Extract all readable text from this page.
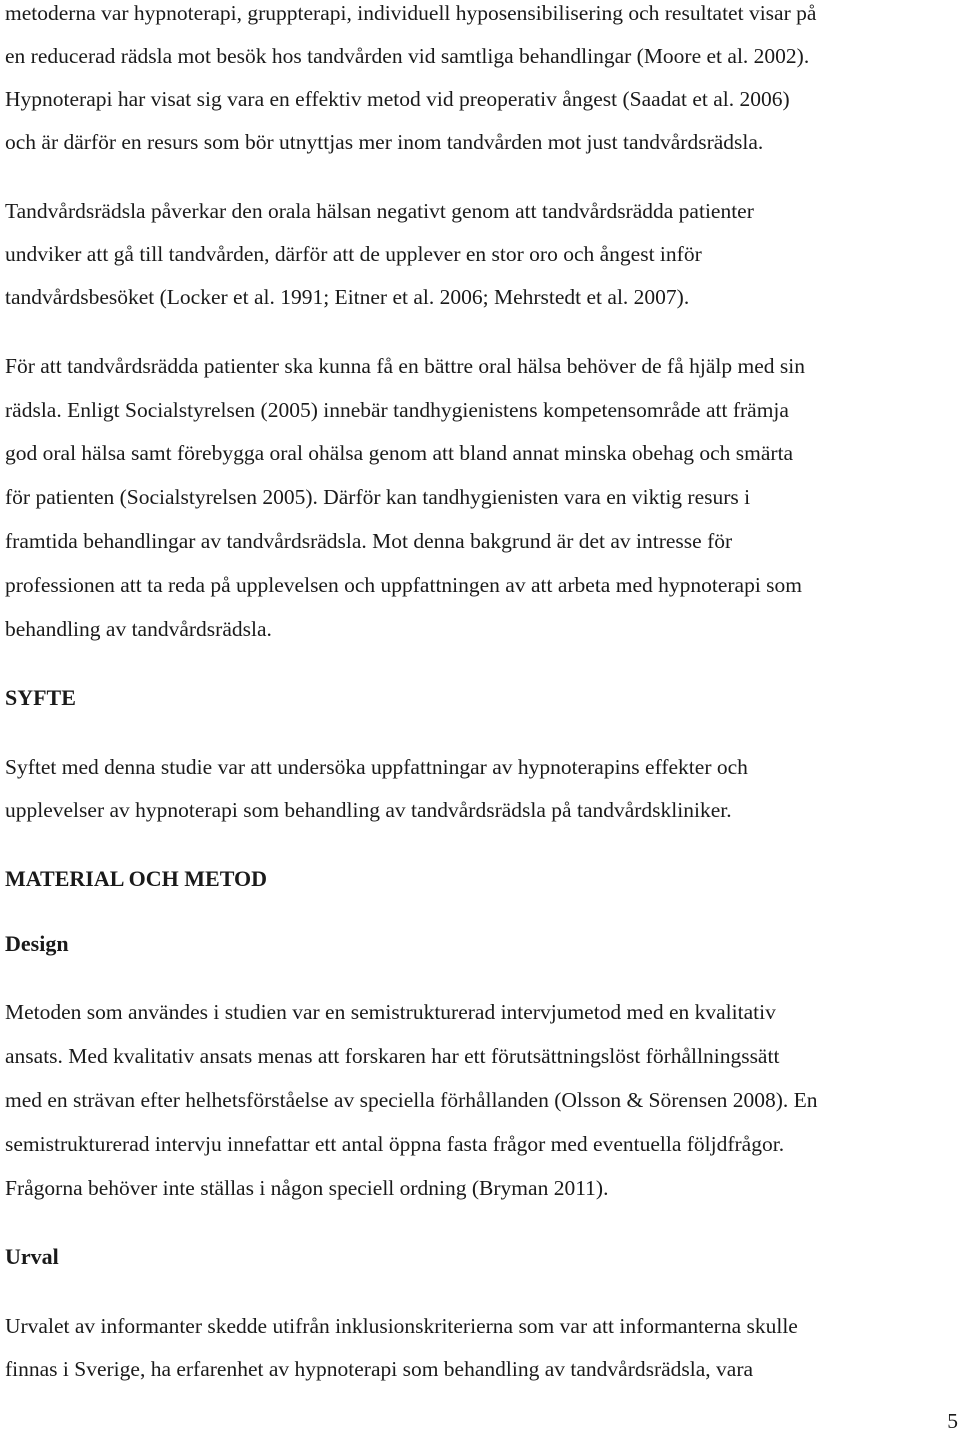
metoderna var hypnoterapi, gruppterapi, individuell hyposensibilisering och resultatet visar på
en reducerad rädsla mot besök hos tandvården vid samtliga behandlingar (Moore et al. 2002).
Hypnoterapi har visat sig vara en effektiv metod vid preoperativ ångest (Saadat et al. 2006)
och är därför en resurs som bör utnyttjas mer inom tandvården mot just tandvårdsrädsla.
Tandvårdsrädsla påverkar den orala hälsan negativt genom att tandvårdsrädda patienter
undviker att gå till tandvården, därför att de upplever en stor oro och ångest inför
tandvårdsbesöket (Locker et al. 1991; Eitner et al. 2006; Mehrstedt et al. 2007).
För att tandvårdsrädda patienter ska kunna få en bättre oral hälsa behöver de få hjälp med sin
rädsla. Enligt Socialstyrelsen (2005) innebär tandhygienistens kompetensområde att främja
god oral hälsa samt förebygga oral ohälsa genom att bland annat minska obehag och smärta
för patienten (Socialstyrelsen 2005). Därför kan tandhygienisten vara en viktig resurs i
framtida behandlingar av tandvårdsrädsla. Mot denna bakgrund är det av intresse för
professionen att ta reda på upplevelsen och uppfattningen av att arbeta med hypnoterapi som
behandling av tandvårdsrädsla.
SYFTE
Syftet med denna studie var att undersöka uppfattningar av hypnoterapins effekter och
upplevelser av hypnoterapi som behandling av tandvårdsrädsla på tandvårdskliniker.
MATERIAL OCH METOD
Design
Metoden som användes i studien var en semistrukturerad intervjumetod med en kvalitativ
ansats. Med kvalitativ ansats menas att forskaren har ett förutsättningslöst förhållningssätt
med en strävan efter helhetsförståelse av speciella förhållanden (Olsson & Sörensen 2008). En
semistrukturerad intervju innefattar ett antal öppna fasta frågor med eventuella följdfrågor.
Frågorna behöver inte ställas i någon speciell ordning (Bryman 2011).
Urval
Urvalet av informanter skedde utifrån inklusionskriterierna som var att informanterna skulle
finnas i Sverige, ha erfarenhet av hypnoterapi som behandling av tandvårdsrädsla, vara
5
